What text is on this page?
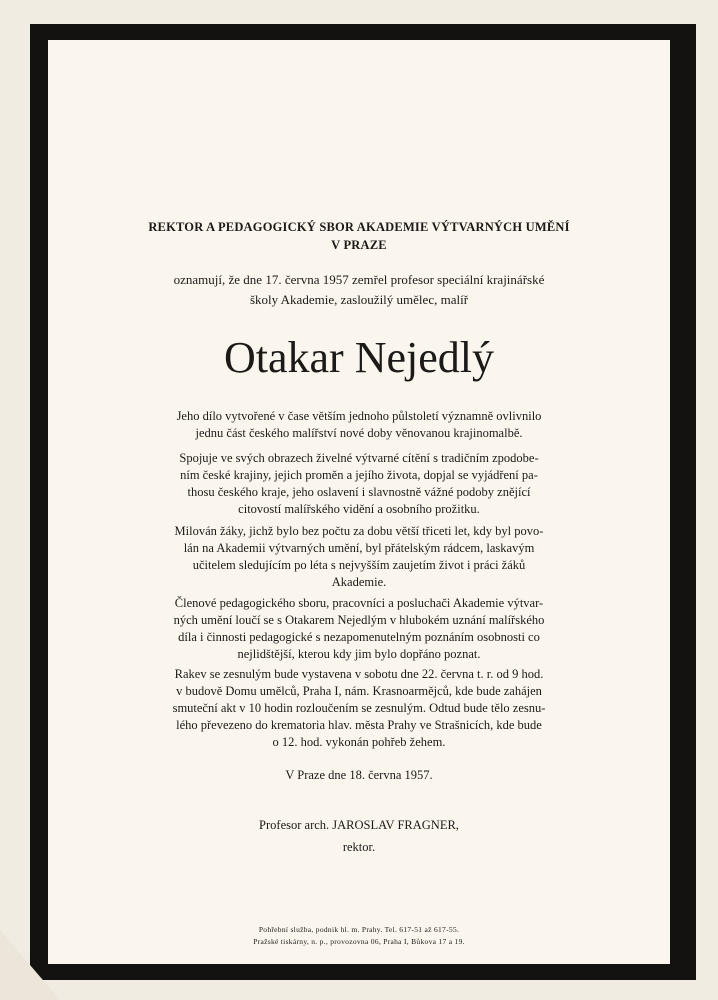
REKTOR A PEDAGOGICKÝ SBOR AKADEMIE VÝTVARNÝCH UMĚNÍ
V PRAZE
oznamují, že dne 17. června 1957 zemřel profesor speciální krajinářské
školy Akademie, zasloužilý umělec, malíř
Otakar Nejedlý
Jeho dílo vytvořené v čase větším jednoho půlstoletí významně ovlivnilo
jednu část českého malířství nové doby věnovanou krajinomalbě.
Spojuje ve svých obrazech živelné výtvarné cítění s tradičním zpodobe-
ním české krajiny, jejich proměn a jejího života, dopjal se vyjádření pa-
thosu českého kraje, jeho oslavení i slavnostně vážné podoby znějící
citovostí malířského vidění a osobního prožitku.
Milován žáky, jichž bylo bez počtu za dobu větší třiceti let, kdy byl povo-
lán na Akademii výtvarných umění, byl přátelským rádcem, laskavým
učitelem sledujícím po léta s nejvyšším zaujetím život i práci žáků
Akademie.
Členové pedagogického sboru, pracovníci a posluchači Akademie výtvar-
ných umění loučí se s Otakarem Nejedlým v hlubokém uznání malířského
díla i činnosti pedagogické s nezapomenutelným poznáním osobnosti co
nejlidštější, kterou kdy jim bylo dopřáno poznat.
Rakev se zesnulým bude vystavena v sobotu dne 22. června t. r. od 9 hod.
v budově Domu umělců, Praha I, nám. Krasnoarmějců, kde bude zahájen
smuteční akt v 10 hodin rozloučením se zesnulým. Odtud bude tělo zesnu-
lého převezeno do krematoria hlav. města Prahy ve Strašnicích, kde bude
o 12. hod. vykonán pohřeb žehem.
V Praze dne 18. června 1957.
Profesor arch. JAROSLAV FRAGNER,
rektor.
Pohřební služba, podnik hl. m. Prahy. Tel. 617-51 až 617-55.
Pražské tiskárny, n. p., provozovna 06, Praha I, Bůkova 17 a 19.
